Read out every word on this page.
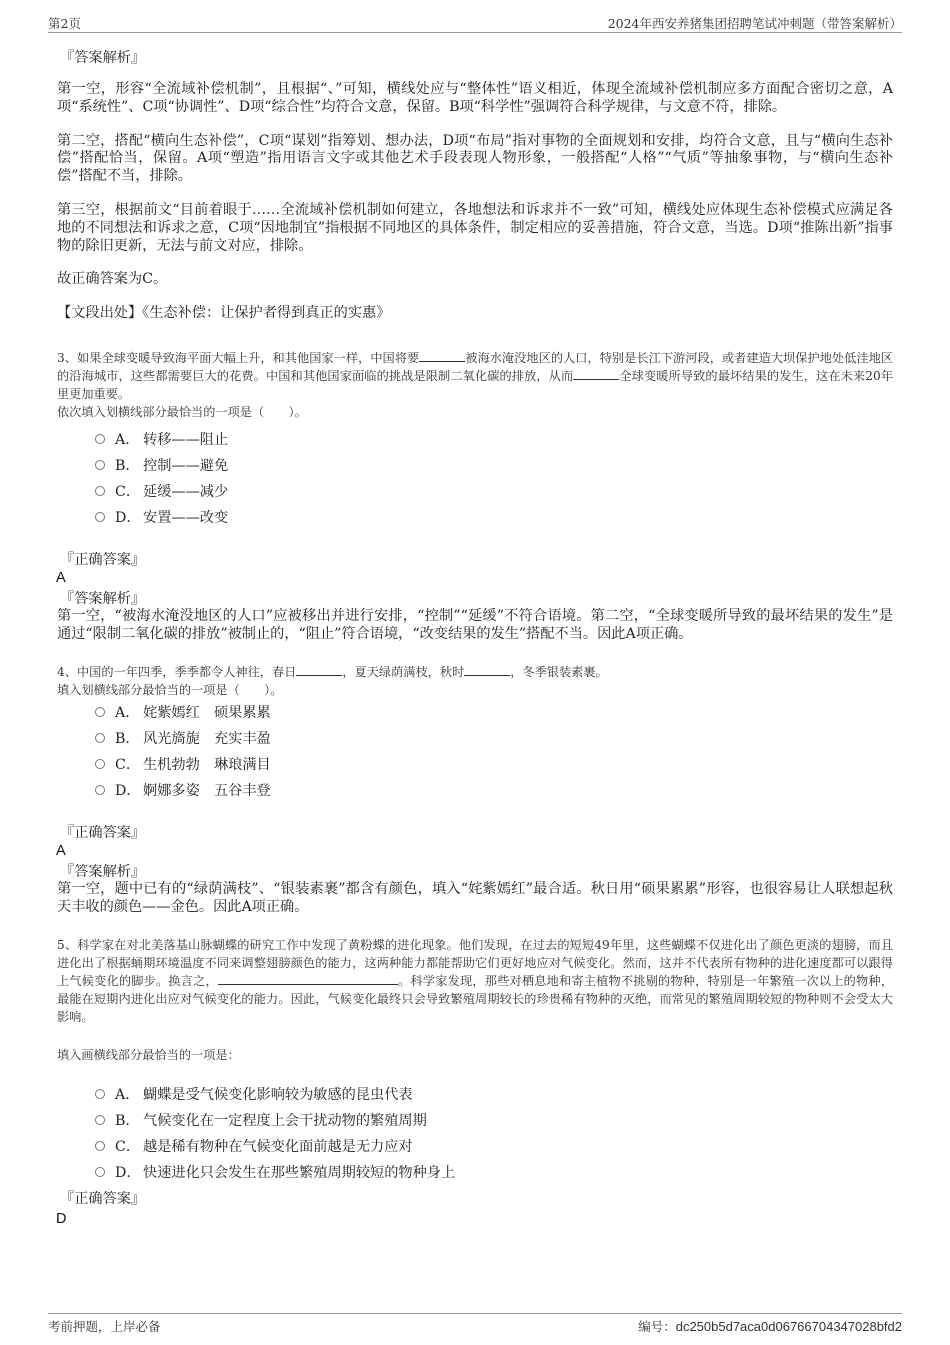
第2页	2024年西安养猪集团招聘笔试冲刺题（带答案解析）
『答案解析』

第一空，形容“全流域补偿机制”，且根据“、”可知，横线处应与“整体性”语义相近，体现全流域补偿机制应多方面配合密切之意，A项“系统性”、C项“协调性”、D项“综合性”均符合文意，保留。B项“科学性”强调符合科学规律，与文意不符，排除。

第二空，搭配“横向生态补偿”，C项“谋划”指筹划、想办法，D项“布局”指对事物的全面规划和安排，均符合文意，且与“横向生态补偿”搭配恰当，保留。A项“塑造”指用语言文字或其他艺术手段表现人物形象，一般搭配“人格”“气质”等抽象事物，与“横向生态补偿”搭配不当，排除。

第三空，根据前文“目前着眼于……全流域补偿机制如何建立，各地想法和诉求并不一致”可知，横线处应体现生态补偿模式应满足各地的不同想法和诉求之意，C项“因地制宜”指根据不同地区的具体条件，制定相应的妥善措施，符合文意，当选。D项“推陈出新”指事物的除旧更新，无法与前文对应，排除。

故正确答案为C。

【文段出处】《生态补偿：让保护者得到真正的实惠》

3、如果全球变暖导致海平面大幅上升，和其他国家一样，中国将要	被海水淹没地区的人口，特别是长江下游河段，或者建造大坝保护地处低洼地区的沿海城市，这些都需要巨大的花费。中国和其他国家面临的挑战是限制二氧化碳的排放，从而	全球变暖所导致的最坏结果的发生，这在未来20年里更加重要。

依次填入划横线部分最恰当的一项是（　　）。

A． 转移——阻止
B． 控制——避免
C． 延缓——减少
D． 安置——改变
『正确答案』
A
『答案解析』

第一空，“被海水淹没地区的人口”应被移出并进行安排，“控制”“延缓”不符合语境。第二空，“全球变暖所导致的最坏结果的发生”是通过“限制二氧化碳的排放”被制止的，“阻止”符合语境，“改变结果的发生”搭配不当。因此A项正确。

4、中国的一年四季，季季都令人神往，春日	，夏天绿荫满枝，秋时	，冬季银装素裹。

填入划横线部分最恰当的一项是（　　）。

A． 姹紫嫣红　硕果累累
B． 风光旖旎　充实丰盈
C． 生机勃勃　琳琅满目
D． 婀娜多姿　五谷丰登
『正确答案』
A
『答案解析』

第一空，题中已有的“绿荫满枝”、“银装素裹”都含有颜色，填入“姹紫嫣红”最合适。秋日用“硕果累累”形容，也很容易让人联想起秋天丰收的颜色——金色。因此A项正确。

5、科学家在对北美落基山脉蝴蝶的研究工作中发现了黄粉蝶的进化现象。他们发现，在过去的短短49年里，这些蝴蝶不仅进化出了颜色更淡的翅膀，而且进化出了根据蛹期环境温度不同来调整翅膀颜色的能力，这两种能力都能帮助它们更好地应对气候变化。然而，这并不代表所有物种的进化速度都可以跟得上气候变化的脚步。换言之，	。科学家发现，那些对栖息地和寄主植物不挑剔的物种，特别是一年繁殖一次以上的物种，最能在短期内进化出应对气候变化的能力。因此，气候变化最终只会导致繁殖周期较长的珍贵稀有物种的灭绝，而常见的繁殖周期较短的物种则不会受太大影响。

填入画横线部分最恰当的一项是：
A． 蝴蝶是受气候变化影响较为敏感的昆虫代表
B． 气候变化在一定程度上会干扰动物的繁殖周期
C． 越是稀有物种在气候变化面前越是无力应对
D． 快速进化只会发生在那些繁殖周期较短的物种身上
『正确答案』
D
考前押题，上岸必备	编号：dc250b5d7aca0d06766704347028bfd2
